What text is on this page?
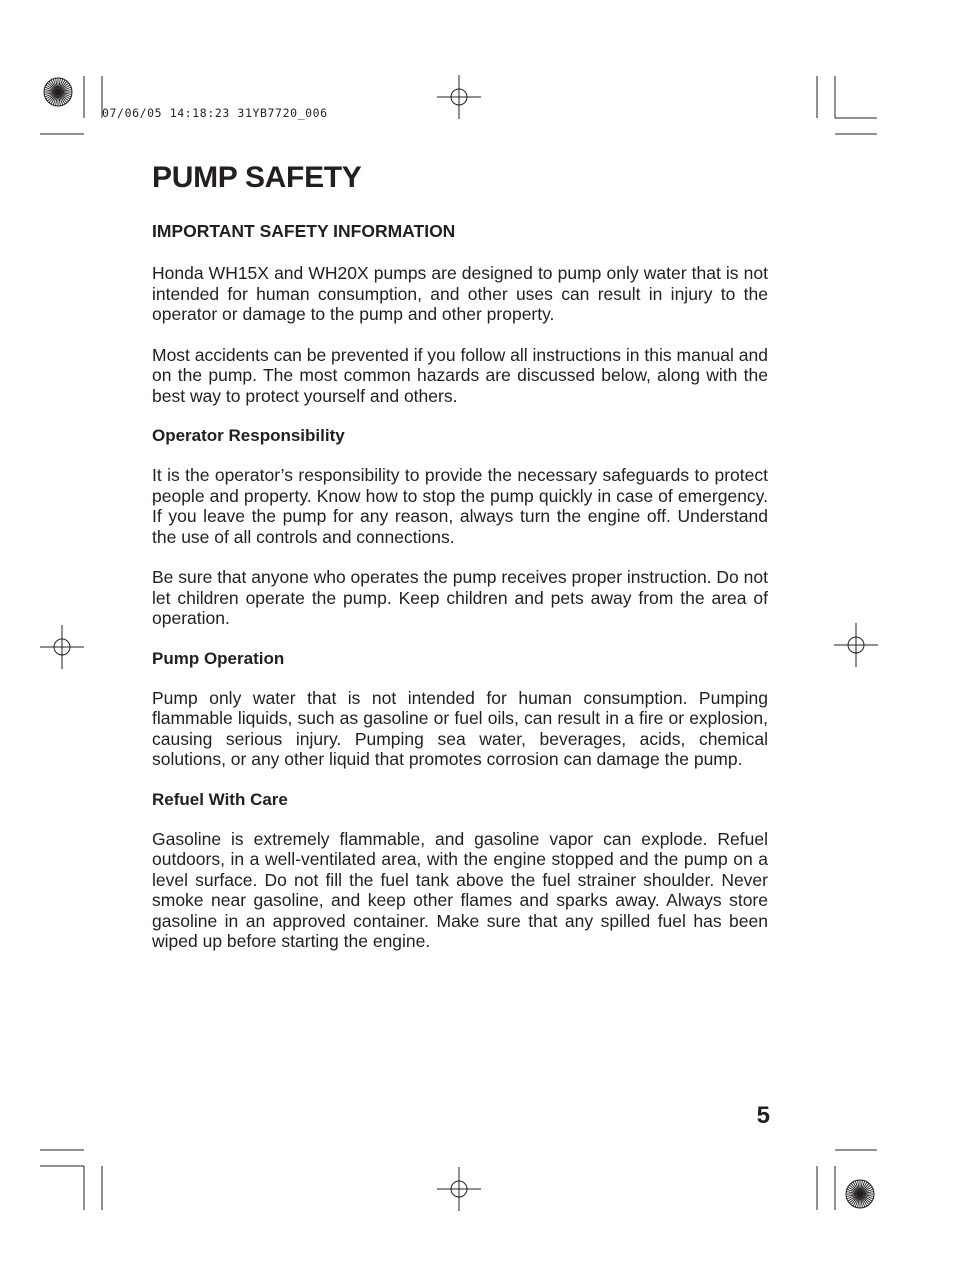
07/06/05 14:18:23 31YB7720_006
PUMP SAFETY
IMPORTANT SAFETY INFORMATION

Honda WH15X and WH20X pumps are designed to pump only water that is not intended for human consumption, and other uses can result in injury to the operator or damage to the pump and other property.

Most accidents can be prevented if you follow all instructions in this manual and on the pump. The most common hazards are discussed below, along with the best way to protect yourself and others.

Operator Responsibility

It is the operator’s responsibility to provide the necessary safeguards to protect people and property. Know how to stop the pump quickly in case of emergency. If you leave the pump for any reason, always turn the engine off. Understand the use of all controls and connections.

Be sure that anyone who operates the pump receives proper instruction. Do not let children operate the pump. Keep children and pets away from the area of operation.

Pump Operation

Pump only water that is not intended for human consumption. Pumping flammable liquids, such as gasoline or fuel oils, can result in a fire or explosion, causing serious injury. Pumping sea water, beverages, acids, chemical solutions, or any other liquid that promotes corrosion can damage the pump.

Refuel With Care

Gasoline is extremely flammable, and gasoline vapor can explode. Refuel outdoors, in a well-ventilated area, with the engine stopped and the pump on a level surface. Do not fill the fuel tank above the fuel strainer shoulder. Never smoke near gasoline, and keep other flames and sparks away. Always store gasoline in an approved container. Make sure that any spilled fuel has been wiped up before starting the engine.

5
